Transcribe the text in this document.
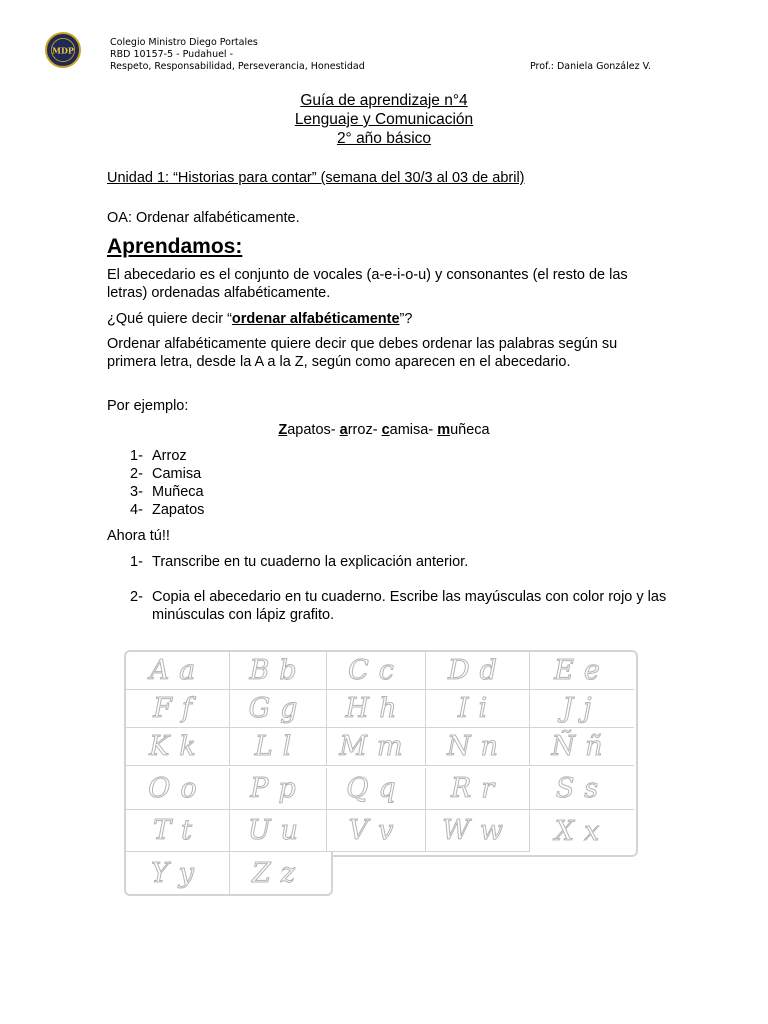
MDP
Colegio Ministro Diego Portales
RBD 10157-5 - Pudahuel -
Respeto, Responsabilidad, Perseverancia, Honestidad	Prof.: Daniela González V.
Guía de aprendizaje n°4
Lenguaje y Comunicación
2° año básico
Unidad 1: “Historias para contar” (semana del 30/3 al 03 de abril)
OA: Ordenar alfabéticamente.
Aprendamos:
El abecedario es el conjunto de vocales (a-e-i-o-u) y consonantes (el resto de las letras) ordenadas alfabéticamente.
¿Qué quiere decir “ordenar alfabéticamente”?
Ordenar alfabéticamente quiere decir que debes ordenar las palabras según su primera letra, desde la A a la Z, según como aparecen en el abecedario.
Por ejemplo:
Zapatos- arroz- camisa- muñeca
1- Arroz
2- Camisa
3- Muñeca
4- Zapatos
Ahora tú!!
1- Transcribe en tu cuaderno la explicación anterior.
2- Copia el abecedario en tu cuaderno. Escribe las mayúsculas con color rojo y las minúsculas con lápiz grafito.
Aa	Bb	Cc	Dd	Ee
Ff	Gg	Hh	Ii	Jj
Kk	Ll	Mm	Nn	Ññ
Oo	Pp	Qq	Rr	Ss
Tt	Uu	Vv	Ww	Xx
Yy	Zz
